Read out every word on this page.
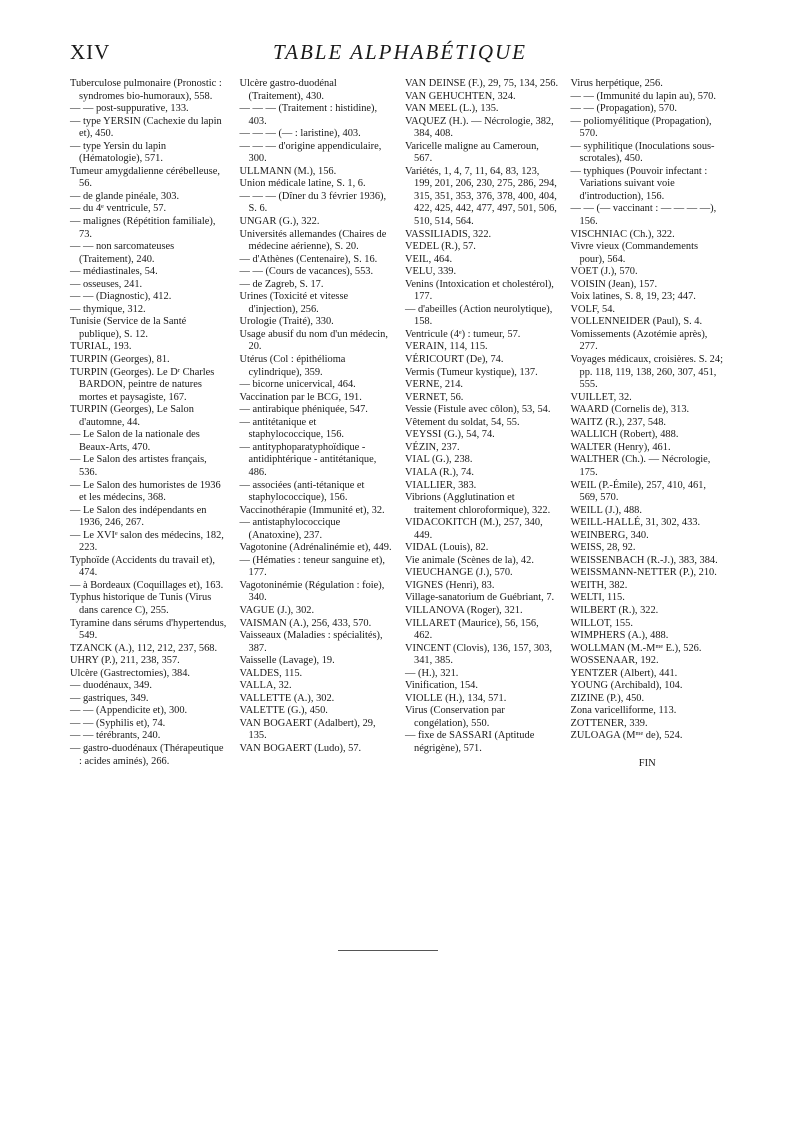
XIV	TABLE ALPHABÉTIQUE

Tuberculose pulmonaire (Pronostic : syndromes bio-humoraux), 558.

— — post-suppurative, 133.

— type YERSIN (Cachexie du lapin et), 450.

— type Yersin du lapin (Hématologie), 571.

Tumeur amygdalienne cérébelleuse, 56.

— de glande pinéale, 303.

— du 4ᵉ ventricule, 57.

— malignes (Répétition familiale), 73.

— — non sarcomateuses (Traitement), 240.

— médiastinales, 54.

— osseuses, 241.

— — (Diagnostic), 412.

— thymique, 312.

Tunisie (Service de la Santé publique), S. 12.

TURIAL, 193.

TURPIN (Georges), 81.

TURPIN (Georges). Le Dʳ Charles BARDON, peintre de natures mortes et paysagiste, 167.

TURPIN (Georges), Le Salon d'automne, 44.

— Le Salon de la nationale des Beaux-Arts, 470.

— Le Salon des artistes français, 536.

— Le Salon des humoristes de 1936 et les médecins, 368.

— Le Salon des indépendants en 1936, 246, 267.

— Le XVIᵉ salon des médecins, 182, 223.

Typhoïde (Accidents du travail et), 474.

— à Bordeaux (Coquillages et), 163.

Typhus historique de Tunis (Virus dans carence C), 255.

Tyramine dans sérums d'hypertendus, 549.

TZANCK (A.), 112, 212, 237, 568.

UHRY (P.), 211, 238, 357.

Ulcère (Gastrectomies), 384.

— duodénaux, 349.

— gastriques, 349.

— — (Appendicite et), 300.

— — (Syphilis et), 74.

— — térébrants, 240.

— gastro-duodénaux (Thérapeutique : acides aminés), 266.

Ulcère gastro-duodénal (Traitement), 430.

— — — (Traitement : histidine), 403.

— — — (— : laristine), 403.

— — — d'origine appendiculaire, 300.

ULLMANN (M.), 156.

Union médicale latine, S. 1, 6.

— — — (Dîner du 3 février 1936), S. 6.

UNGAR (G.), 322.

Universités allemandes (Chaires de médecine aérienne), S. 20.

— d'Athènes (Centenaire), S. 16.

— — (Cours de vacances), 553.

— de Zagreb, S. 17.

Urines (Toxicité et vitesse d'injection), 256.

Urologie (Traité), 330.

Usage abusif du nom d'un médecin, 20.

Utérus (Col : épithélioma cylindrique), 359.

— bicorne unicervical, 464.

Vaccination par le BCG, 191.

— antirabique phéniquée, 547.

— antitétanique et staphylococcique, 156.

— antityphoparatyphoïdique - antidiphtérique - antitétanique, 486.

— associées (anti-tétanique et staphylococcique), 156.

Vaccinothérapie (Immunité et), 32.

— antistaphylococcique (Anatoxine), 237.

Vagotonine (Adrénalinémie et), 449.

— (Hématies : teneur sanguine et), 177.

Vagotoninémie (Régulation : foie), 340.

VAGUE (J.), 302.

VAISMAN (A.), 256, 433, 570.

Vaisseaux (Maladies : spécialités), 387.

Vaisselle (Lavage), 19.

VALDES, 115.

VALLA, 32.

VALLETTE (A.), 302.

VALETTE (G.), 450.

VAN BOGAERT (Adalbert), 29, 135.

VAN BOGAERT (Ludo), 57.

VAN DEINSE (F.), 29, 75, 134, 256.

VAN GEHUCHTEN, 324.

VAN MEEL (L.), 135.

VAQUEZ (H.). — Nécrologie, 382, 384, 408.

Varicelle maligne au Cameroun, 567.

Variétés, 1, 4, 7, 11, 64, 83, 123, 199, 201, 206, 230, 275, 286, 294, 315, 351, 353, 376, 378, 400, 404, 422, 425, 442, 477, 497, 501, 506, 510, 514, 564.

VASSILIADIS, 322.

VEDEL (R.), 57.

VEIL, 464.

VELU, 339.

Venins (Intoxication et cholestérol), 177.

— d'abeilles (Action neurolytique), 158.

Ventricule (4ᵉ) : tumeur, 57.

VERAIN, 114, 115.

VÉRICOURT (De), 74.

Vermis (Tumeur kystique), 137.

VERNE, 214.

VERNET, 56.

Vessie (Fistule avec côlon), 53, 54.

Vêtement du soldat, 54, 55.

VEYSSI (G.), 54, 74.

VÉZIN, 237.

VIAL (G.), 238.

VIALA (R.), 74.

VIALLIER, 383.

Vibrions (Agglutination et traitement chloroformique), 322.

VIDACOKITCH (M.), 257, 340, 449.

VIDAL (Louis), 82.

Vie animale (Scènes de la), 42.

VIEUCHANGE (J.), 570.

VIGNES (Henri), 83.

Village-sanatorium de Guébriant, 7.

VILLANOVA (Roger), 321.

VILLARET (Maurice), 56, 156, 462.

VINCENT (Clovis), 136, 157, 303, 341, 385.

— (H.), 321.

Vinification, 154.

VIOLLE (H.), 134, 571.

Virus (Conservation par congélation), 550.

— fixe de SASSARI (Aptitude négrigène), 571.

Virus herpétique, 256.

— — (Immunité du lapin au), 570.

— — (Propagation), 570.

— poliomyélitique (Propagation), 570.

— syphilitique (Inoculations sous-scrotales), 450.

— typhiques (Pouvoir infectant : Variations suivant voie d'introduction), 156.

— — (— vaccinant : — — — —), 156.

VISCHNIAC (Ch.), 322.

Vivre vieux (Commandements pour), 564.

VOET (J.), 570.

VOISIN (Jean), 157.

Voix latines, S. 8, 19, 23; 447.

VOLF, 54.

VOLLENNEIDER (Paul), S. 4.

Vomissements (Azotémie après), 277.

Voyages médicaux, croisières. S. 24; pp. 118, 119, 138, 260, 307, 451, 555.

VUILLET, 32.

WAARD (Cornelis de), 313.

WAITZ (R.), 237, 548.

WALLICH (Robert), 488.

WALTER (Henry), 461.

WALTHER (Ch.). — Nécrologie, 175.

WEIL (P.-Émile), 257, 410, 461, 569, 570.

WEILL (J.), 488.

WEILL-HALLÉ, 31, 302, 433.

WEINBERG, 340.

WEISS, 28, 92.

WEISSENBACH (R.-J.), 383, 384.

WEISSMANN-NETTER (P.), 210.

WEITH, 382.

WELTI, 115.

WILBERT (R.), 322.

WILLOT, 155.

WIMPHERS (A.), 488.

WOLLMAN (M.-Mᵐᵉ E.), 526.

WOSSENAAR, 192.

YENTZER (Albert), 441.

YOUNG (Archibald), 104.

ZIZINE (P.), 450.

Zona varicelliforme, 113.

ZOTTENER, 339.

ZULOAGA (Mᵐᵉ de), 524.

FIN
